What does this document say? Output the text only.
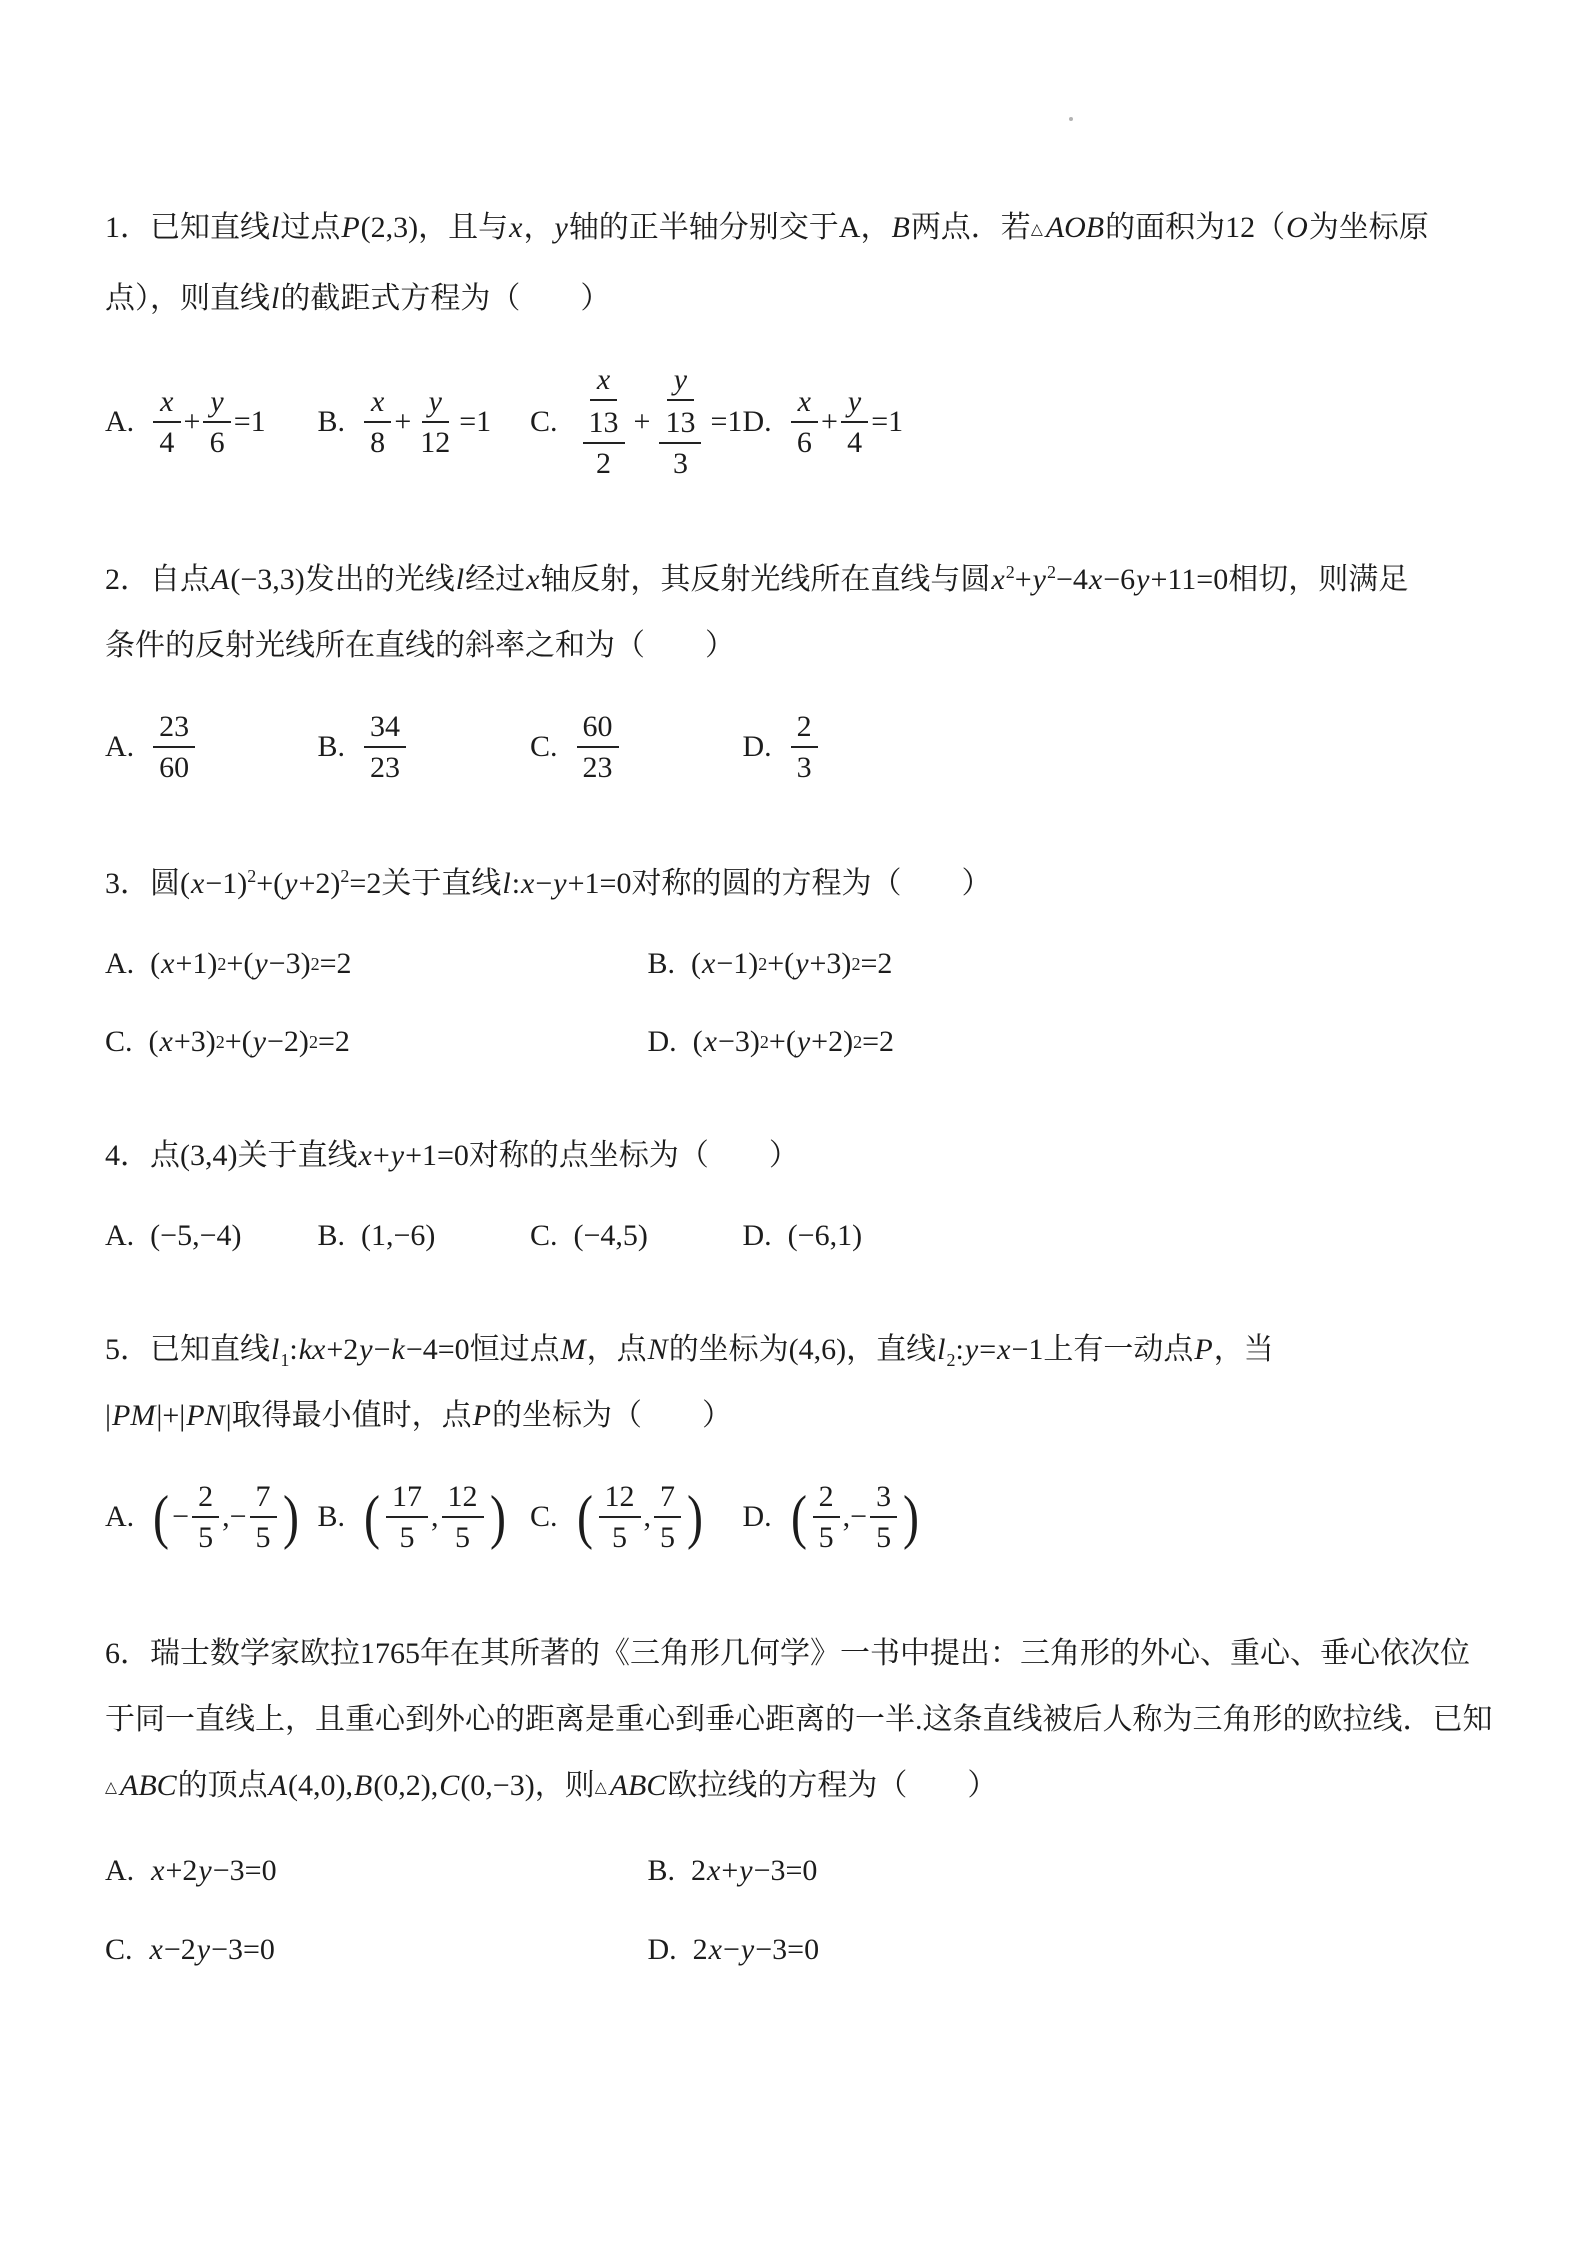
1．已知直线l过点P(2,3)，且与x，y轴的正半轴分别交于A，B两点．若△ AOB的面积为12（O为坐标原

点），则直线l的截距式方程为（　　）

A. $\frac{x}{4} + \frac{y}{6} =1$
B. $\frac{x}{8} + \frac{y}{12} =1$
C. $\frac{x}{\frac{13}{2}} + \frac{y}{\frac{13}{3}} =1$
D. $\frac{x}{6} + \frac{y}{4} =1$

2．自点A(−3,3)发出的光线l经过x轴反射，其反射光线所在直线与圆$x^2+y^2-4x-6y+11=0$相切，则满足

条件的反射光线所在直线的斜率之和为（　　）

A. $\frac{23}{60}$
	B. $\frac{34}{23}$
	C. $\frac{60}{23}$
	D. $\frac{2}{3}$

3．圆$(x-1)^2+(y+2)^2=2$关于直线l:x−y+1=0对称的圆的方程为（　　）

A. ( x +1) 2 +( y −3) 2 =2
	B. ( x −1) 2 +( y +3) 2 =2
C. ( x +3) 2 +( y −2) 2 =2
	D. ( x −3) 2 +( y +2) 2 =2

4．点(3,4)关于直线x+y+1=0对称的点坐标为（　　）

A. (−5,−4)
	B. (1,−6)
	C. (−4,5)
	D. (−6,1)

5．已知直线$l_1:kx+2y-k-4=0$恒过点M，点N的坐标为(4,6)，直线$l_2:y=x-1$上有一动点P，当

|PM|+|PN|取得最小值时，点P的坐标为（　　）

A. ( − $\frac{2}{5}$ ,− $\frac{7}{5}$ )
B. ( $\frac{17}{5}$ , $\frac{12}{5}$ )
C. ( $\frac{12}{5}$ , $\frac{7}{5}$ )
D. ( $\frac{2}{5}$ ,− $\frac{3}{5}$ )

6．瑞士数学家欧拉1765年在其所著的《三角形几何学》一书中提出：三角形的外心、重心、垂心依次位

于同一直线上，且重心到外心的距离是重心到垂心距离的一半.这条直线被后人称为三角形的欧拉线．已知

△ ABC的顶点A(4,0),B(0,2),C(0,−3)，则△ ABC欧拉线的方程为（　　）

A. x +2 y −3=0
	B. 2 x + y −3=0
C. x −2 y −3=0
	D. 2 x − y −3=0
